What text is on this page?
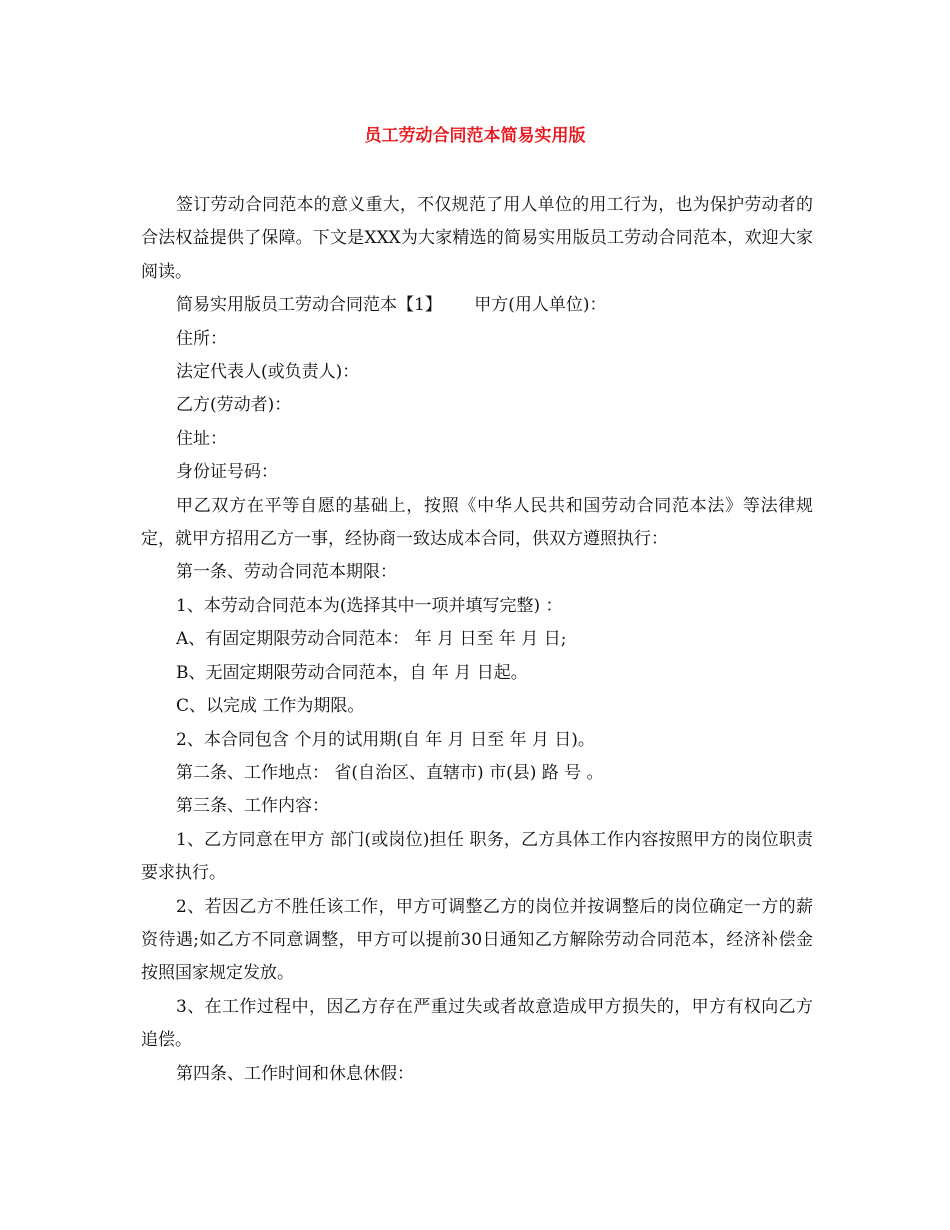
员工劳动合同范本简易实用版

签订劳动合同范本的意义重大，不仅规范了用人单位的用工行为，也为保护劳动者的合法权益提供了保障。下文是XXX为大家精选的简易实用版员工劳动合同范本，欢迎大家阅读。

简易实用版员工劳动合同范本【1】      甲方(用人单位)：

住所：

法定代表人(或负责人)：

乙方(劳动者)：

住址：

身份证号码：

甲乙双方在平等自愿的基础上，按照《中华人民共和国劳动合同范本法》等法律规定，就甲方招用乙方一事，经协商一致达成本合同，供双方遵照执行：

第一条、劳动合同范本期限：

1、本劳动合同范本为(选择其中一项并填写完整) ：

A、有固定期限劳动合同范本： 年 月 日至 年 月 日;

B、无固定期限劳动合同范本，自 年 月 日起。

C、以完成 工作为期限。

2、本合同包含 个月的试用期(自 年 月 日至 年 月 日)。

第二条、工作地点： 省(自治区、直辖市) 市(县) 路 号 。

第三条、工作内容：

1、乙方同意在甲方 部门(或岗位)担任 职务，乙方具体工作内容按照甲方的岗位职责要求执行。

2、若因乙方不胜任该工作，甲方可调整乙方的岗位并按调整后的岗位确定一方的薪资待遇;如乙方不同意调整，甲方可以提前30日通知乙方解除劳动合同范本，经济补偿金按照国家规定发放。

3、在工作过程中，因乙方存在严重过失或者故意造成甲方损失的，甲方有权向乙方追偿。

第四条、工作时间和休息休假：
